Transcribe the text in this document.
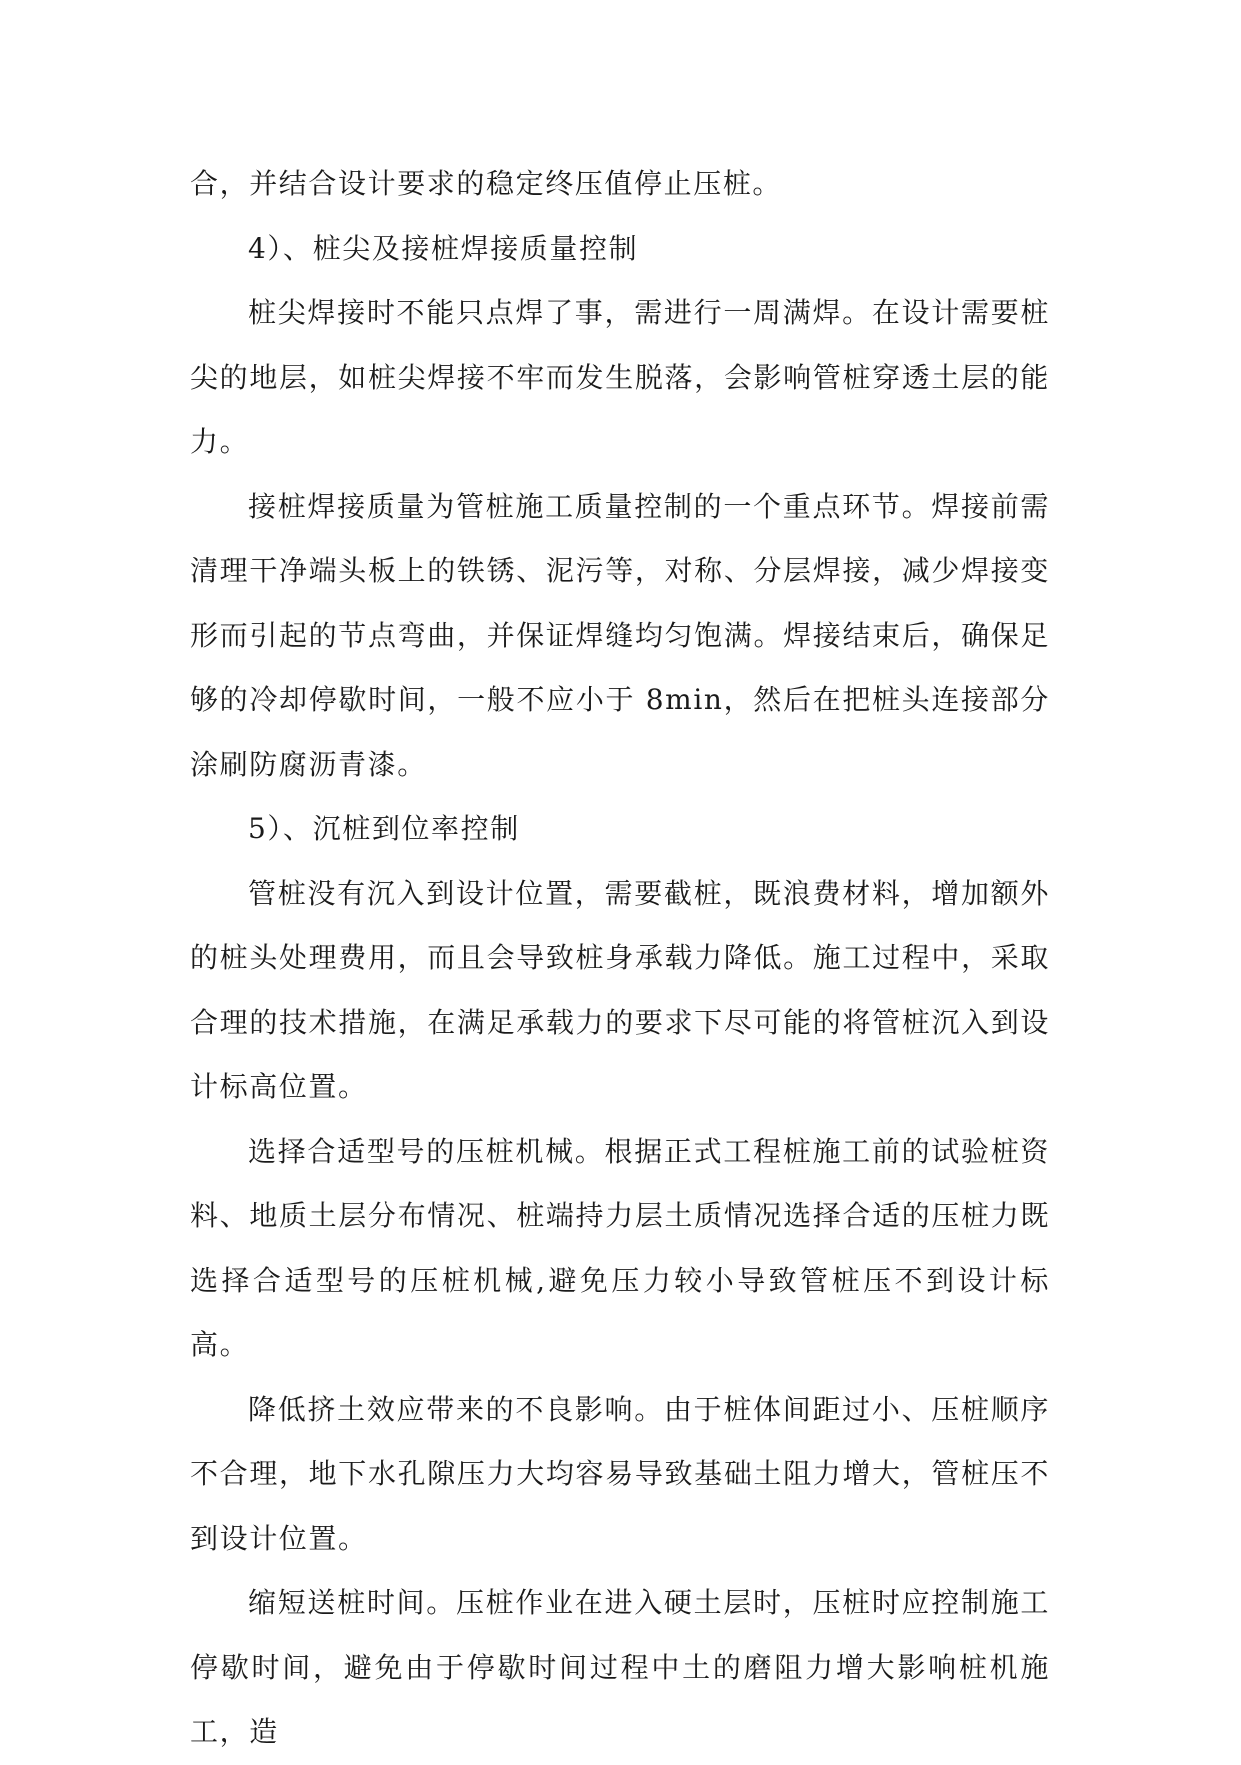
合，并结合设计要求的稳定终压值停止压桩。

4）、桩尖及接桩焊接质量控制

桩尖焊接时不能只点焊了事，需进行一周满焊。在设计需要桩尖的地层，如桩尖焊接不牢而发生脱落，会影响管桩穿透土层的能力。

接桩焊接质量为管桩施工质量控制的一个重点环节。焊接前需清理干净端头板上的铁锈、泥污等，对称、分层焊接，减少焊接变形而引起的节点弯曲，并保证焊缝均匀饱满。焊接结束后，确保足够的冷却停歇时间，一般不应小于 8min，然后在把桩头连接部分涂刷防腐沥青漆。

5）、沉桩到位率控制

管桩没有沉入到设计位置，需要截桩，既浪费材料，增加额外的桩头处理费用，而且会导致桩身承载力降低。施工过程中，采取合理的技术措施，在满足承载力的要求下尽可能的将管桩沉入到设计标高位置。

选择合适型号的压桩机械。根据正式工程桩施工前的试验桩资料、地质土层分布情况、桩端持力层土质情况选择合适的压桩力既选择合适型号的压桩机械,避免压力较小导致管桩压不到设计标高。

降低挤土效应带来的不良影响。由于桩体间距过小、压桩顺序不合理，地下水孔隙压力大均容易导致基础土阻力增大，管桩压不到设计位置。

缩短送桩时间。压桩作业在进入硬土层时，压桩时应控制施工停歇时间，避免由于停歇时间过程中土的磨阻力增大影响桩机施工，造
